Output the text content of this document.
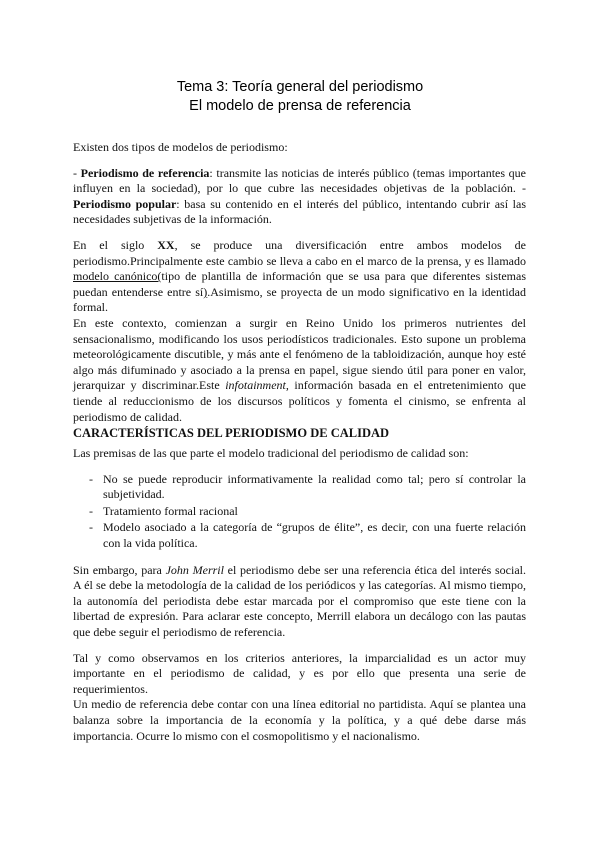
Tema 3: Teoría general del periodismo
El modelo de prensa de referencia

Existen dos tipos de modelos de periodismo:

- Periodismo de referencia: transmite las noticias de interés público (temas importantes que influyen en la sociedad), por lo que cubre las necesidades objetivas de la población. - Periodismo popular: basa su contenido en el interés del público, intentando cubrir así las necesidades subjetivas de la información.

En el siglo XX, se produce una diversificación entre ambos modelos de periodismo.Principalmente este cambio se lleva a cabo en el marco de la prensa, y es llamado modelo canónico(tipo de plantilla de información que se usa para que diferentes sistemas puedan entenderse entre sí).Asimismo, se proyecta de un modo significativo en la identidad formal.

En este contexto, comienzan a surgir en Reino Unido los primeros nutrientes del sensacionalismo, modificando los usos periodísticos tradicionales. Esto supone un problema meteorológicamente discutible, y más ante el fenómeno de la tabloidización, aunque hoy esté algo más difuminado y asociado a la prensa en papel, sigue siendo útil para poner en valor, jerarquizar y discriminar.Este infotainment, información basada en el entretenimiento que tiende al reduccionismo de los discursos políticos y fomenta el cinismo, se enfrenta al periodismo de calidad.

CARACTERÍSTICAS DEL PERIODISMO DE CALIDAD

Las premisas de las que parte el modelo tradicional del periodismo de calidad son:

- No se puede reproducir informativamente la realidad como tal; pero sí controlar la subjetividad.
- Tratamiento formal racional
- Modelo asociado a la categoría de “grupos de élite”, es decir, con una fuerte relación con la vida política.

Sin embargo, para John Merril el periodismo debe ser una referencia ética del interés social. A él se debe la metodología de la calidad de los periódicos y las categorías. Al mismo tiempo, la autonomía del periodista debe estar marcada por el compromiso que este tiene con la libertad de expresión. Para aclarar este concepto, Merrill elabora un decálogo con las pautas que debe seguir el periodismo de referencia.

Tal y como observamos en los criterios anteriores, la imparcialidad es un actor muy importante en el periodismo de calidad, y es por ello que presenta una serie de requerimientos.

Un medio de referencia debe contar con una línea editorial no partidista. Aquí se plantea una balanza sobre la importancia de la economía y la política, y a qué debe darse más importancia. Ocurre lo mismo con el cosmopolitismo y el nacionalismo.
